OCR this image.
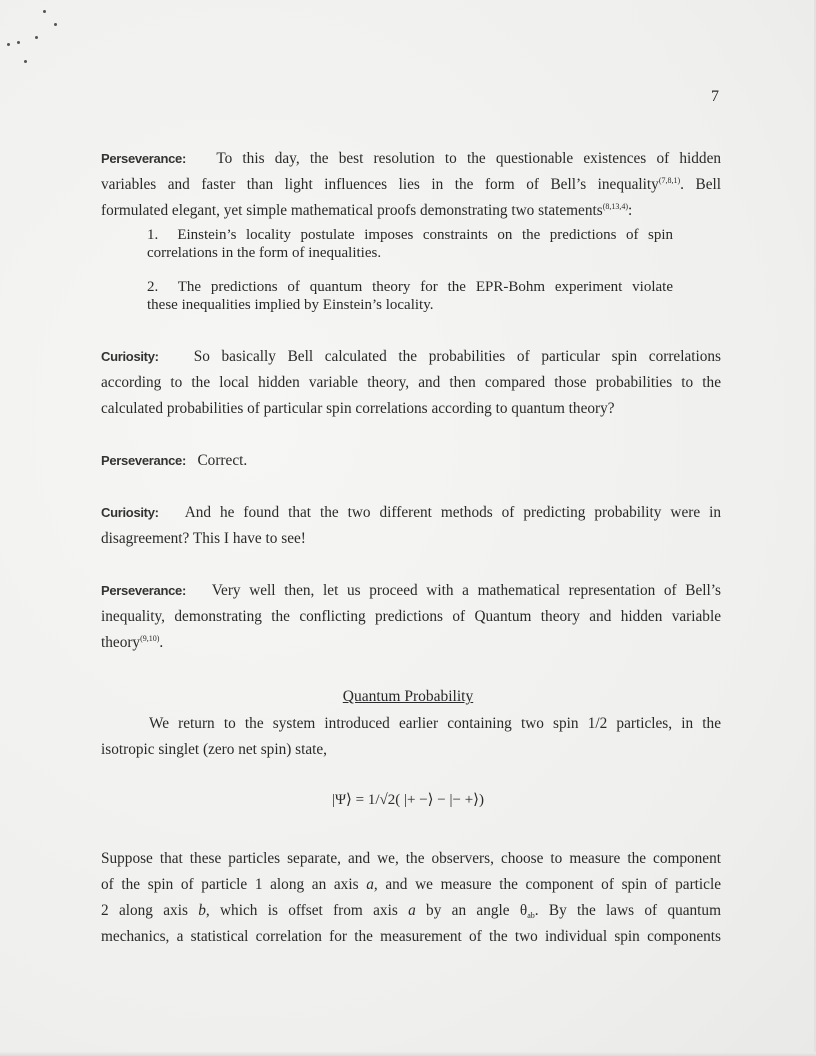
7
Perseverance: To this day, the best resolution to the questionable existences of hidden
variables and faster than light influences lies in the form of Bell’s inequality$^{(7,8,1)}$. Bell
formulated elegant, yet simple mathematical proofs demonstrating two statements$^{(8,13,4)}$:
1. Einstein’s locality postulate imposes constraints on the predictions of spin
correlations in the form of inequalities.
2. The predictions of quantum theory for the EPR-Bohm experiment violate
these inequalities implied by Einstein’s locality.
Curiosity: So basically Bell calculated the probabilities of particular spin correlations
according to the local hidden variable theory, and then compared those probabilities to the
calculated probabilities of particular spin correlations according to quantum theory?
Perseverance: Correct.
Curiosity: And he found that the two different methods of predicting probability were in
disagreement? This I have to see!
Perseverance: Very well then, let us proceed with a mathematical representation of Bell’s
inequality, demonstrating the conflicting predictions of Quantum theory and hidden variable
theory$^{(9,10)}$.
Quantum Probability
We return to the system introduced earlier containing two spin 1/2 particles, in the
isotropic singlet (zero net spin) state,
|Ψ⟩ = 1/√2( |+ −⟩ − |− +⟩)
Suppose that these particles separate, and we, the observers, choose to measure the component
of the spin of particle 1 along an axis a, and we measure the component of spin of particle
2 along axis b, which is offset from axis a by an angle $\theta_{ab}$. By the laws of quantum
mechanics, a statistical correlation for the measurement of the two individual spin components
